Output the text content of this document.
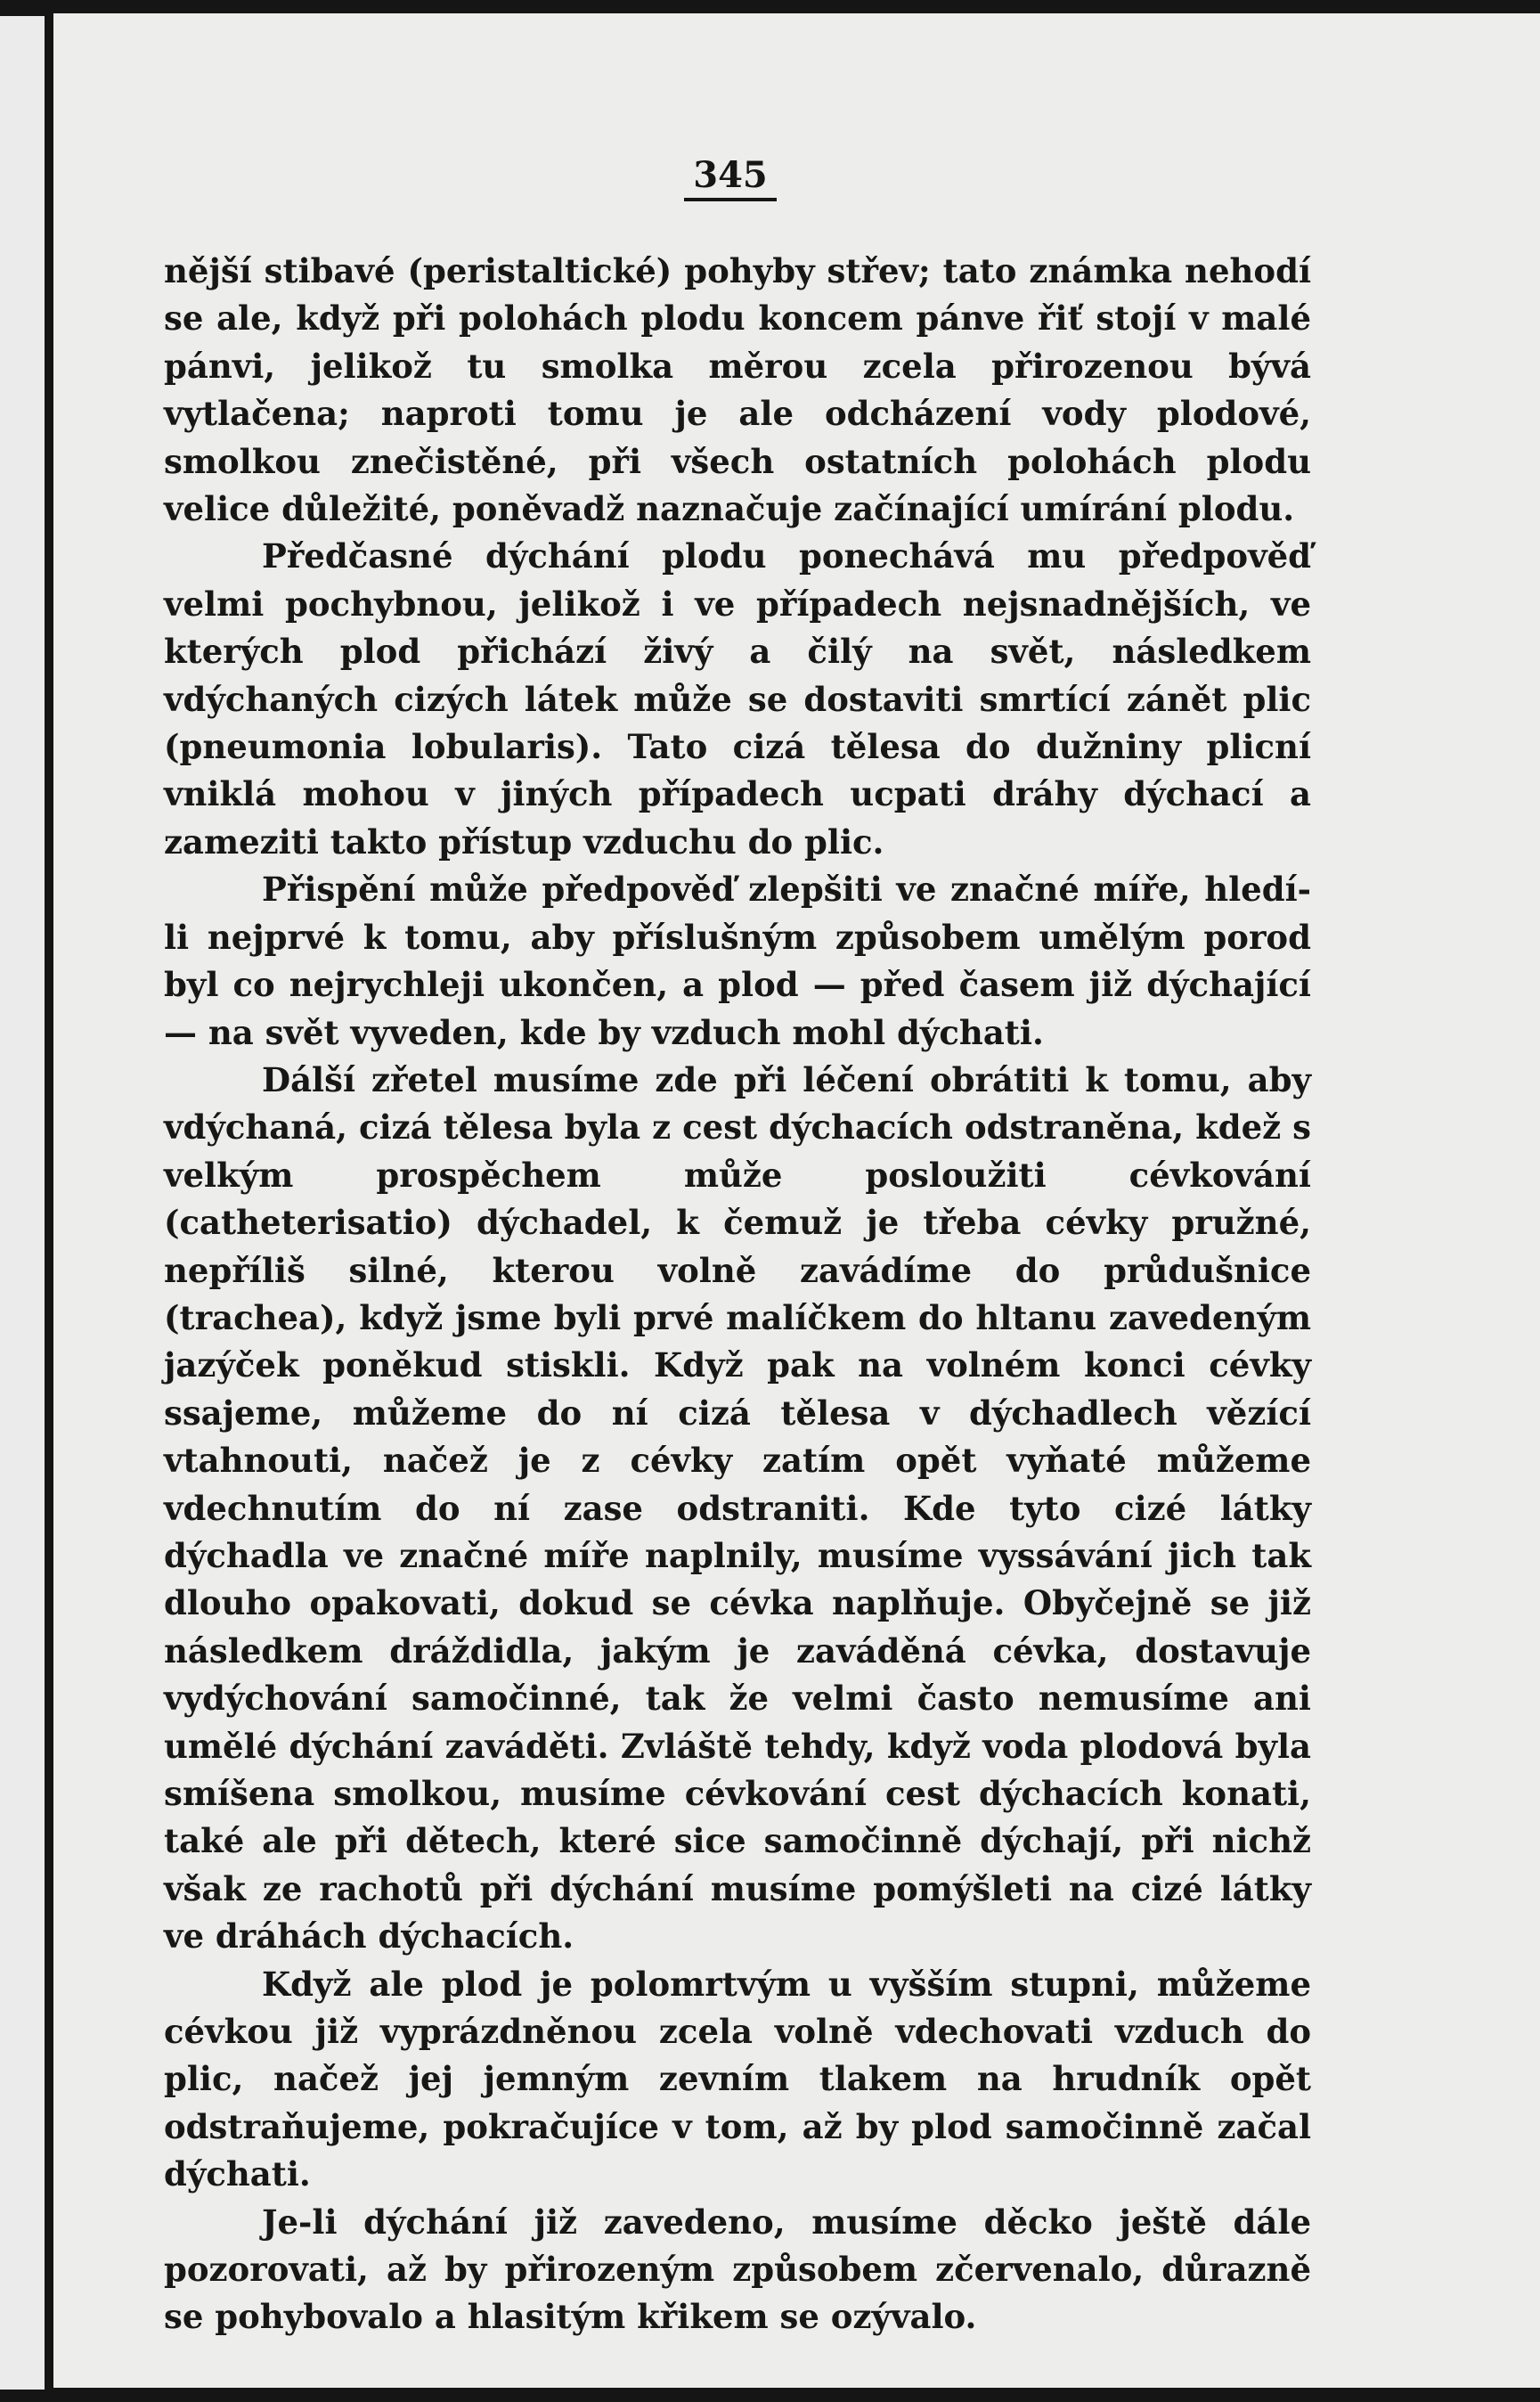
345

nější stibavé (peristaltické) pohyby střev; tato známka nehodí se ale, když při polohách plodu koncem pánve řiť stojí v malé pánvi, jelikož tu smolka měrou zcela přirozenou bývá vytlačena; naproti tomu je ale odcházení vody plodové, smolkou znečistěné, při všech ostatních polohách plodu velice důležité, poněvadž naznačuje začínající umírání plodu.

Předčasné dýchání plodu ponechává mu předpověď velmi pochybnou, jelikož i ve případech nejsnadnějších, ve kterých plod přichází živý a čilý na svět, následkem vdýchaných cizých látek může se dostaviti smrtící zánět plic (pneumonia lobularis). Tato cizá tělesa do dužniny plicní vniklá mohou v jiných případech ucpati dráhy dýchací a zameziti takto přístup vzduchu do plic.

Přispění může předpověď zlepšiti ve značné míře, hledí-li nejprvé k tomu, aby příslušným způsobem umělým porod byl co nejrychleji ukončen, a plod — před časem již dýchající — na svět vyveden, kde by vzduch mohl dýchati.

Dálší zřetel musíme zde při léčení obrátiti k tomu, aby vdýchaná, cizá tělesa byla z cest dýchacích odstraněna, kdež s velkým prospěchem může posloužiti cévkování (catheterisatio) dýchadel, k čemuž je třeba cévky pružné, nepříliš silné, kterou volně zavádíme do průdušnice (trachea), když jsme byli prvé malíčkem do hltanu zavedeným jazýček poněkud stiskli. Když pak na volném konci cévky ssajeme, můžeme do ní cizá tělesa v dýchadlech vězící vtahnouti, načež je z cévky zatím opět vyňaté můžeme vdechnutím do ní zase odstraniti. Kde tyto cizé látky dýchadla ve značné míře naplnily, musíme vyssávání jich tak dlouho opakovati, dokud se cévka naplňuje. Obyčejně se již následkem dráždidla, jakým je zaváděná cévka, dostavuje vydýchování samočinné, tak že velmi často nemusíme ani umělé dýchání zaváděti. Zvláště tehdy, když voda plodová byla smíšena smolkou, musíme cévkování cest dýchacích konati, také ale při dětech, které sice samočinně dýchají, při nichž však ze rachotů při dýchání musíme pomýšleti na cizé látky ve dráhách dýchacích.

Když ale plod je polomrtvým u vyšším stupni, můžeme cévkou již vyprázdněnou zcela volně vdechovati vzduch do plic, načež jej jemným zevním tlakem na hrudník opět odstraňujeme, pokračujíce v tom, až by plod samočinně začal dýchati.

Je-li dýchání již zavedeno, musíme děcko ještě dále pozorovati, až by přirozeným způsobem zčervenalo, důrazně se pohybovalo a hlasitým křikem se ozývalo.
